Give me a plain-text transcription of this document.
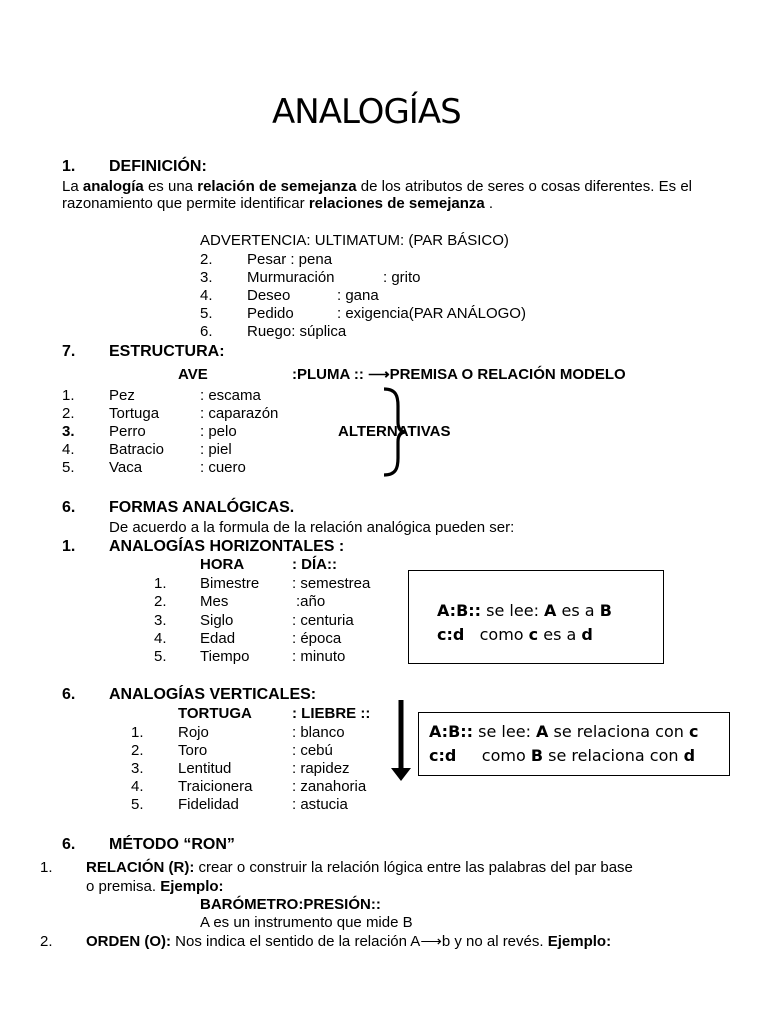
ANALOGÍAS
1. DEFINICIÓN:
La analogía es una relación de semejanza de los atributos de seres o cosas diferentes. Es el razonamiento que permite identificar relaciones de semejanza .
ADVERTENCIA: ULTIMATUM: (PAR BÁSICO)
2. Pesar : pena
3. Murmuración	: grito
4. Deseo	: gana
5. Pedido	: exigencia(PAR ANÁLOGO)
6. Ruego: súplica
7. ESTRUCTURA:
AVE	:PLUMA :: ⟶PREMISA O RELACIÓN MODELO
1. Pez	: escama
2. Tortuga	: caparazón
3. Perro	: pelo
4. Batracio : piel
5. Vaca	: cuero
ALTERNATIVAS
6. FORMAS ANALÓGICAS.
De acuerdo a la formula de la relación analógica pueden ser:
1. ANALOGÍAS HORIZONTALES :
HORA	: DÍA::
1. Bimestre : semestrea
2. Mes	:año
3. Siglo	: centuria
4. Edad	: época
5. Tiempo	: minuto
A:B:: se lee: A es a B
c:d   como c es a d
6. ANALOGÍAS VERTICALES:
TORTUGA	: LIEBRE ::
1. Rojo	: blanco
2. Toro	: cebú
3. Lentitud	: rapidez
4. Traicionera	: zanahoria
5. Fidelidad	: astucia
A:B:: se lee: A se relaciona con c
c:d     como B se relaciona con d
6. MÉTODO “RON”
1. RELACIÓN (R): crear o construir la relación lógica entre las palabras del par base
o premisa. Ejemplo:
BARÓMETRO:PRESIÓN::
A es un instrumento que mide B
2. ORDEN (O): Nos indica el sentido de la relación A⟶b y no al revés. Ejemplo:
